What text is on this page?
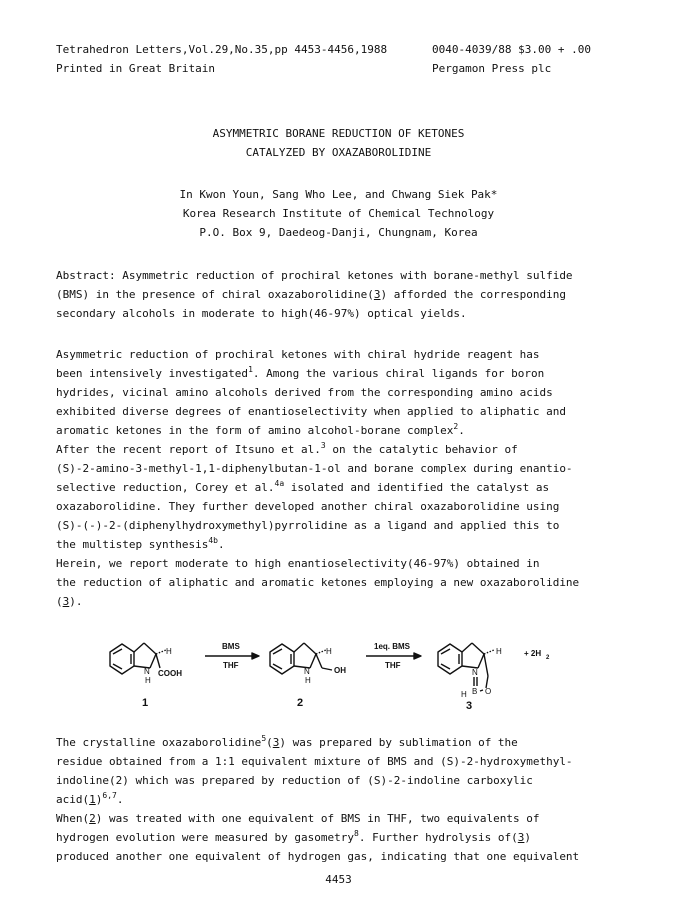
Tetrahedron Letters,Vol.29,No.35,pp 4453-4456,1988
Printed in Great Britain
0040-4039/88 $3.00 + .00
Pergamon Press plc
ASYMMETRIC BORANE REDUCTION OF KETONES
CATALYZED BY OXAZABOROLIDINE
In Kwon Youn, Sang Who Lee, and Chwang Siek Pak*
Korea Research Institute of Chemical Technology
P.O. Box 9, Daedeog-Danji, Chungnam, Korea
Abstract: Asymmetric reduction of prochiral ketones with borane-methyl sulfide
(BMS) in the presence of chiral oxazaborolidine(3) afforded the corresponding
secondary alcohols in moderate to high(46-97%) optical yields.
Asymmetric reduction of prochiral ketones with chiral hydride reagent has
been intensively investigated$^1$. Among the various chiral ligands for boron
hydrides, vicinal amino alcohols derived from the corresponding amino acids
exhibited diverse degrees of enantioselectivity when applied to aliphatic and
aromatic ketones in the form of amino alcohol-borane complex$^2$.
After the recent report of Itsuno et al.$^3$ on the catalytic behavior of
(S)-2-amino-3-methyl-1,1-diphenylbutan-1-ol and borane complex during enantio-
selective reduction, Corey et al.$^{4a}$ isolated and identified the catalyst as
oxazaborolidine. They further developed another chiral oxazaborolidine using
(S)-(-)-2-(diphenylhydroxymethyl)pyrrolidine as a ligand and applied this to
the multistep synthesis$^{4b}$.
Herein, we report moderate to high enantioselectivity(46-97%) obtained in
the reduction of aliphatic and aromatic ketones employing a new oxazaborolidine
(3).
H
N
H
COOH
1
BMS
THF
H
N
H
OH
2
1eq. BMS
THF
H
N
B
H O
3
+ 2H 2
The crystalline oxazaborolidine$^5$(3) was prepared by sublimation of the
residue obtained from a 1:1 equivalent mixture of BMS and (S)-2-hydroxymethyl-
indoline(2) which was prepared by reduction of (S)-2-indoline carboxylic
$acid(1)^{6,7}$.
When(2) was treated with one equivalent of BMS in THF, two equivalents of
hydrogen evolution were measured by gasometry$^8$. Further hydrolysis of(3)
produced another one equivalent of hydrogen gas, indicating that one equivalent
4453
